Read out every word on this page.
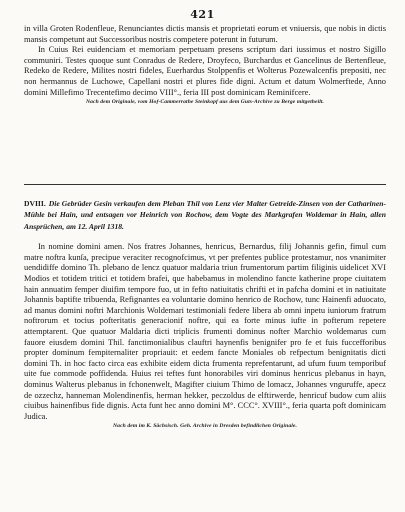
421

in villa Groten Rodenfleue, Renunciantes dictis mansis et proprietati eorum et vniuersis, que nobis in dictis mansis competunt aut Successoribus nostris competere poterunt in futurum.

In Cuius Rei euidenciam et memoriam perpetuam presens scriptum dari iussimus et nostro Sigillo communiri. Testes quoque sunt Conradus de Redere, Droyfeco, Burchardus et Gancelinus de Bertenfleue, Redeko de Redere, Milites nostri fideles, Euerhardus Stolppenfis et Wolterus Pozewalcenfis prepositi, nec non hermannus de Luchowe, Capellani nostri et plures fide digni. Actum et datum Wolmerftede, Anno domini Millefimo Trecentefimo decimo VIII°., feria III post dominicam Reminifcere.

Nach dem Originale, vom Hof-Cammerrathe Steinkopf aus dem Guts-Archive zu Berge mitgetheilt.
DVIII. Die Gebrüder Gesin verkaufen dem Pleban Thil von Lenz vier Malter Getreide-Zinsen von der Catharinen-Mühle bei Hain, und entsagen vor Heinrich von Rochow, dem Vogte des Markgrafen Woldemar in Hain, allen Ansprüchen, am 12. April 1318.

In nomine domini amen. Nos fratres Johannes, henricus, Bernardus, filij Johannis gefin, fimul cum matre noftra kunſa, precipue veraciter recognofcimus, vt per prefentes publice protestamur, nos vnanimiter uendidiffe domino Th. plebano de lencz quatuor maldaria triun frumentorum partim filiginis uidelicet XVI Modios et totidem tritici et totidem brafei, que habebamus in molendino fancte katherine prope ciuitatem hain annuatim femper diuifim tempore fuo, ut in fefto natiuitatis chrifti et in pafcha domini et in natiuitate Johannis baptifte tribuenda, Refignantes ea voluntarie domino henrico de Rochow, tunc Hainenfi aduocato, ad manus domini noftri Marchionis Woldemari testimoniali federe libera ab omni inpetu iuniorum fratrum noftrorum et tocius pofteritatis generacionif noftre, qui ea forte minus iufte in pofterum repetere attemptarent. Que quatuor Maldaria dicti triplicis frumenti dominus nofter Marchio woldemarus cum fauore eiusdem domini Thil. fanctimonialibus clauftri haynenfis benignifer pro fe et fuis fuccefforibus propter dominum fempiternaliter propriauit: et eedem fancte Moniales ob refpectum benignitatis dicti domini Th. in hoc facto circa eas exhibite eidem dicta frumenta reprefentarunt, ad ufum fuum temporibuf uite fue commode poffidenda. Huius rei teftes funt honorabiles viri dominus henricus plebanus in hayn, dominus Walterus plebanus in fchonenwelt, Magifter ciuium Thimo de lomacz, Johannes vnguruffe, apecz de ozzechz, hanneman Molendinenfis, herman hekker, peczoldus de elftirwerde, henricuf budow cum aliis ciuibus hainenfibus fide dignis. Acta funt hec anno domini M°. CCC°. XVIII°., feria quarta poft dominicam Judica.

Nach dem im K. Sächsisch. Geh. Archive in Dresden befindlichen Originale.
